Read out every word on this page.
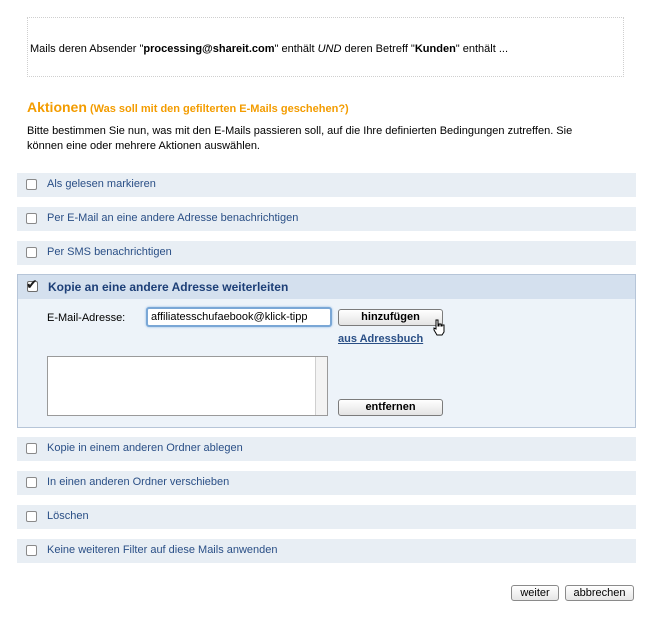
Mails deren Absender "processing@shareit.com" enthält UND deren Betreff "Kunden" enthält ...
Aktionen (Was soll mit den gefilterten E-Mails geschehen?)
Bitte bestimmen Sie nun, was mit den E-Mails passieren soll, auf die Ihre definierten Bedingungen zutreffen. Sie können eine oder mehrere Aktionen auswählen.
Als gelesen markieren
Per E-Mail an eine andere Adresse benachrichtigen
Per SMS benachrichtigen
✔ Kopie an eine andere Adresse weiterleiten
E-Mail-Adresse:
affiliatesschufaebook@klick-tipp	hinzufügen
aus Adressbuch
entfernen
Kopie in einem anderen Ordner ablegen
In einen anderen Ordner verschieben
Löschen
Keine weiteren Filter auf diese Mails anwenden
weiter	abbrechen
